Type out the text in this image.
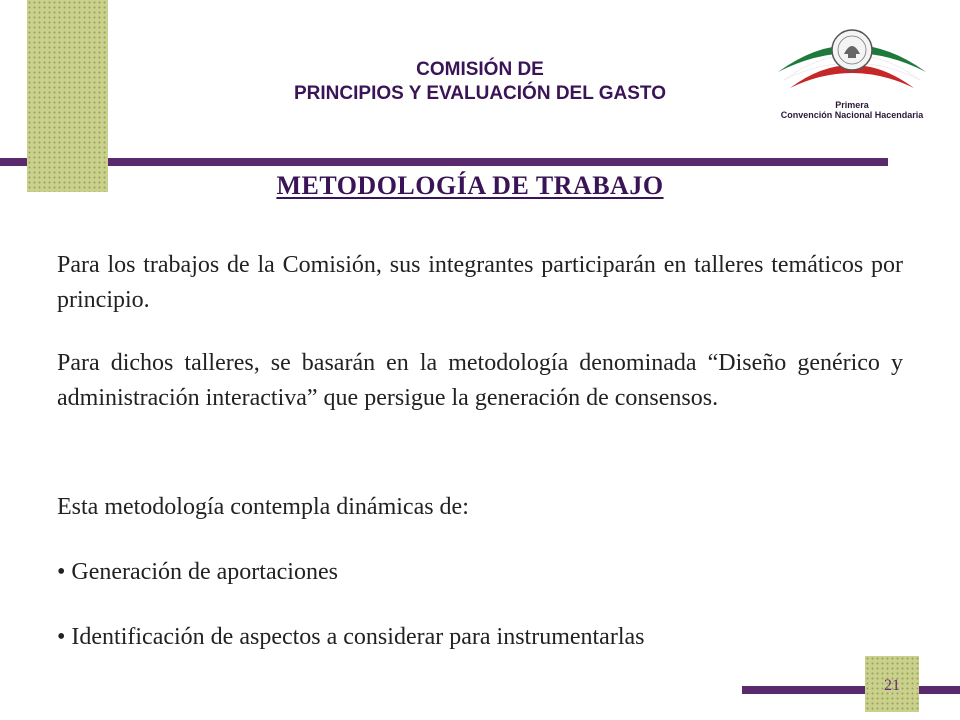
COMISIÓN DE
PRINCIPIOS Y EVALUACIÓN DEL GASTO
Primera
Convención Nacional Hacendaria
METODOLOGÍA DE TRABAJO

Para los trabajos de la Comisión, sus integrantes participarán en talleres temáticos por principio.

Para dichos talleres, se basarán en la metodología denominada “Diseño genérico y administración interactiva” que persigue la generación de consensos.

Esta metodología contempla dinámicas de:

• Generación de aportaciones

• Identificación de aspectos a considerar para instrumentarlas

21
